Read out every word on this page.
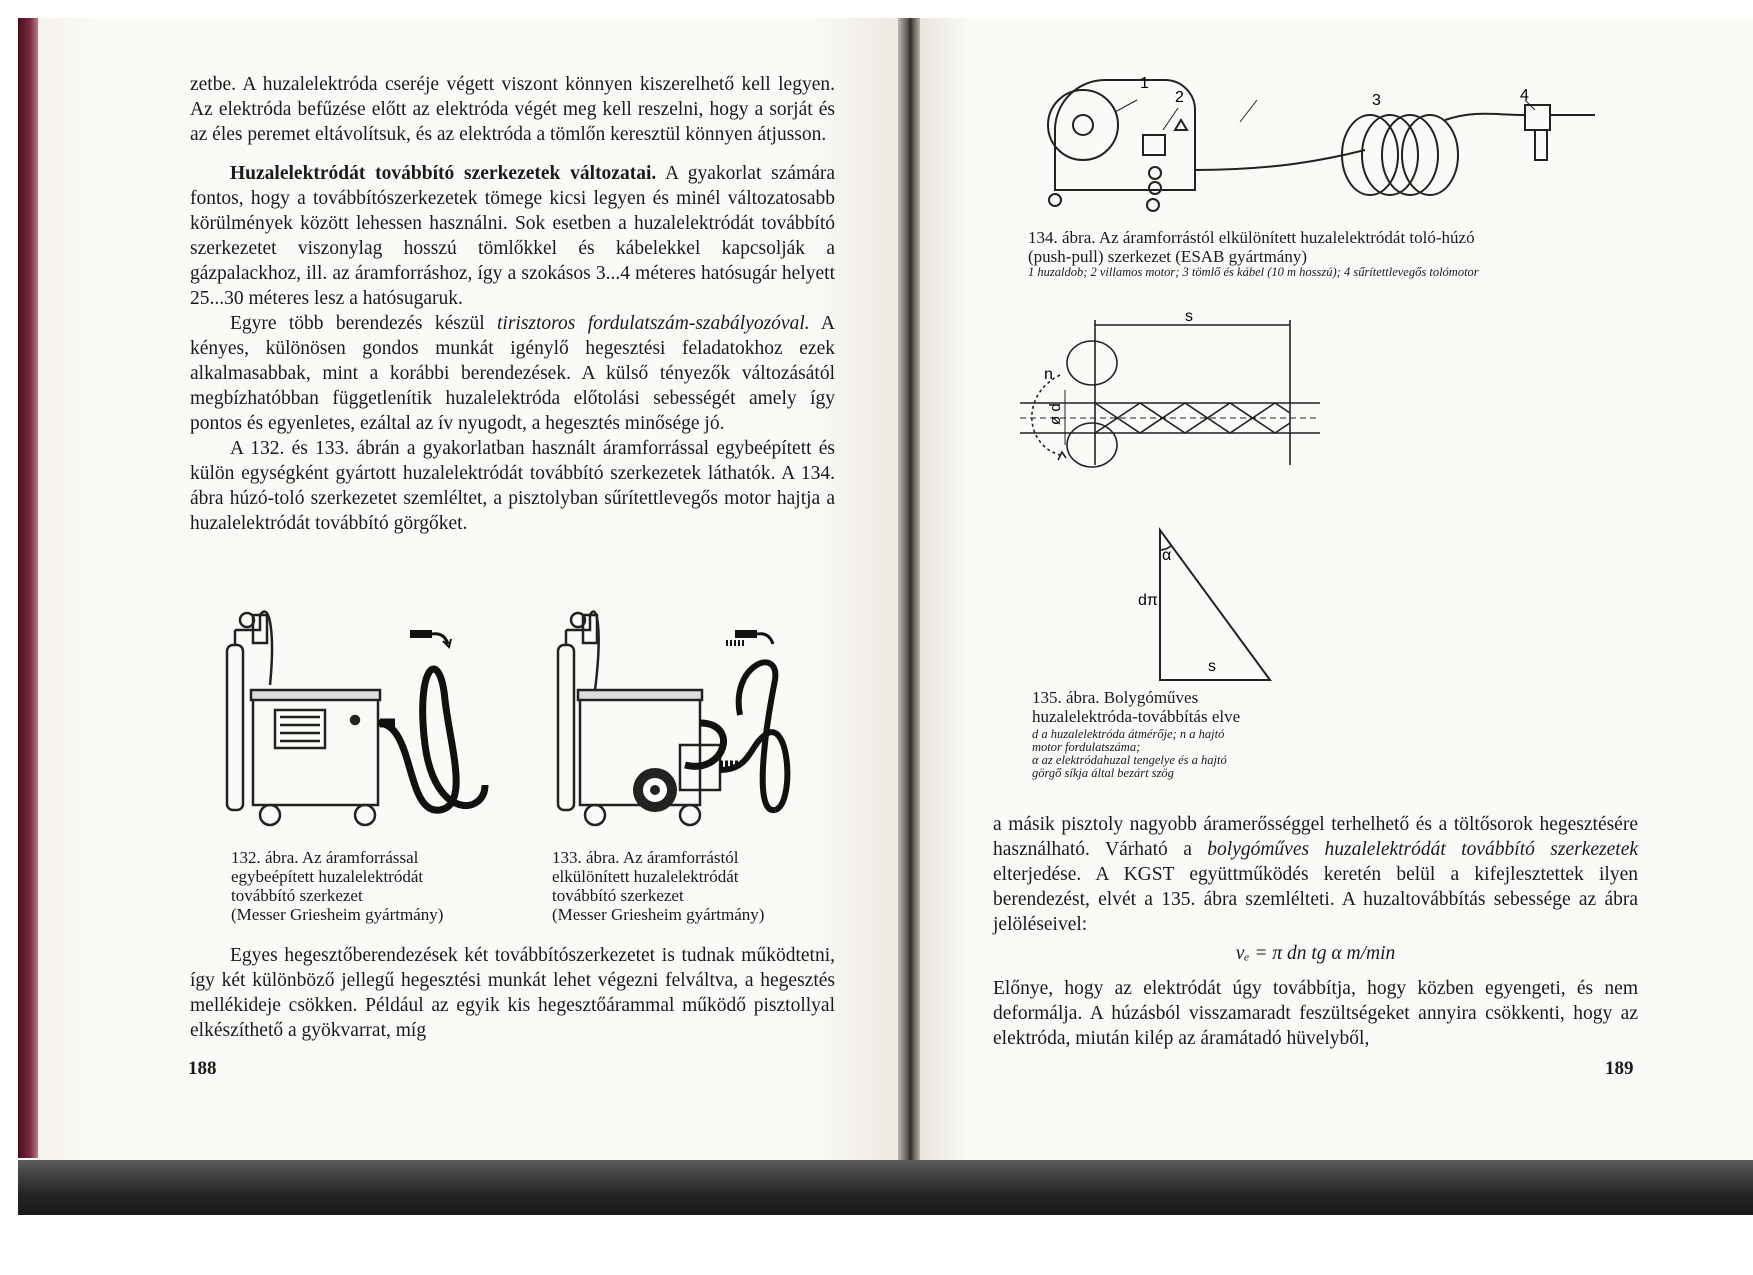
zetbe. A huzalelektróda cseréje végett viszont könnyen kiszerelhető kell legyen. Az elektróda befűzése előtt az elektróda végét meg kell reszelni, hogy a sorját és az éles peremet eltávolítsuk, és az elektróda a tömlőn keresztül könnyen átjusson.

Huzalelektródát továbbító szerkezetek változatai. A gyakorlat számára fontos, hogy a továbbítószerkezetek tömege kicsi legyen és minél változatosabb körülmények között lehessen használni. Sok esetben a huzalelektródát továbbító szerkezetet viszonylag hosszú tömlőkkel és kábelekkel kapcsolják a gázpalackhoz, ill. az áramforráshoz, így a szokásos 3...4 méteres hatósugár helyett 25...30 méteres lesz a hatósugaruk.

Egyre több berendezés készül tirisztoros fordulatszám-szabályozóval. A kényes, különösen gondos munkát igénylő hegesztési feladatokhoz ezek alkalmasabbak, mint a korábbi berendezések. A külső tényezők változásától megbízhatóbban függetlenítik huzalelektróda előtolási sebességét amely így pontos és egyenletes, ezáltal az ív nyugodt, a hegesztés minősége jó.

A 132. és 133. ábrán a gyakorlatban használt áramforrással egybeépített és külön egységként gyártott huzalelektródát továbbító szerkezetek láthatók. A 134. ábra húzó-toló szerkezetet szemléltet, a pisztolyban sűrítettlevegős motor hajtja a huzalelektródát továbbító görgőket.

132. ábra. Az áramforrással
egybeépített huzalelektródát
továbbító szerkezet
(Messer Griesheim gyártmány)
133. ábra. Az áramforrástól
elkülönített huzalelektródát
továbbító szerkezet
(Messer Griesheim gyártmány)

Egyes hegesztőberendezések két továbbítószerkezetet is tudnak működtetni, így két különböző jellegű hegesztési munkát lehet végezni felváltva, a hegesztés mellékideje csökken. Például az egyik kis hegesztőárammal működő pisztollyal elkészíthető a gyökvarrat, míg

188
1
2	3	4
134. ábra. Az áramforrástól elkülönített huzalelektródát toló-húzó
(push-pull) szerkezet (ESAB gyártmány)
1 huzaldob; 2 villamos motor; 3 tömlő és kábel (10 m hosszú); 4 sűrítettlevegős tolómotor
s
n
ø d
α
dπ
s
135. ábra. Bolygóműves
huzalelektróda-továbbítás elve
d a huzalelektróda átmérője; n a hajtó
motor fordulatszáma;
α az elektródahuzal tengelye és a hajtó
görgő síkja által bezárt szög

a másik pisztoly nagyobb áramerősséggel terhelhető és a töltősorok hegesztésére használható. Várható a bolygóműves huzalelektródát továbbító szerkezetek elterjedése. A KGST együttműködés keretén belül a kifejlesztettek ilyen berendezést, elvét a 135. ábra szemlélteti. A huzaltovábbítás sebessége az ábra jelöléseivel:

vₑ = π dn tg α m/min

Előnye, hogy az elektródát úgy továbbítja, hogy közben egyengeti, és nem deformálja. A húzásból visszamaradt feszültségeket annyira csökkenti, hogy az elektróda, miután kilép az áramátadó hüvelyből,

189
